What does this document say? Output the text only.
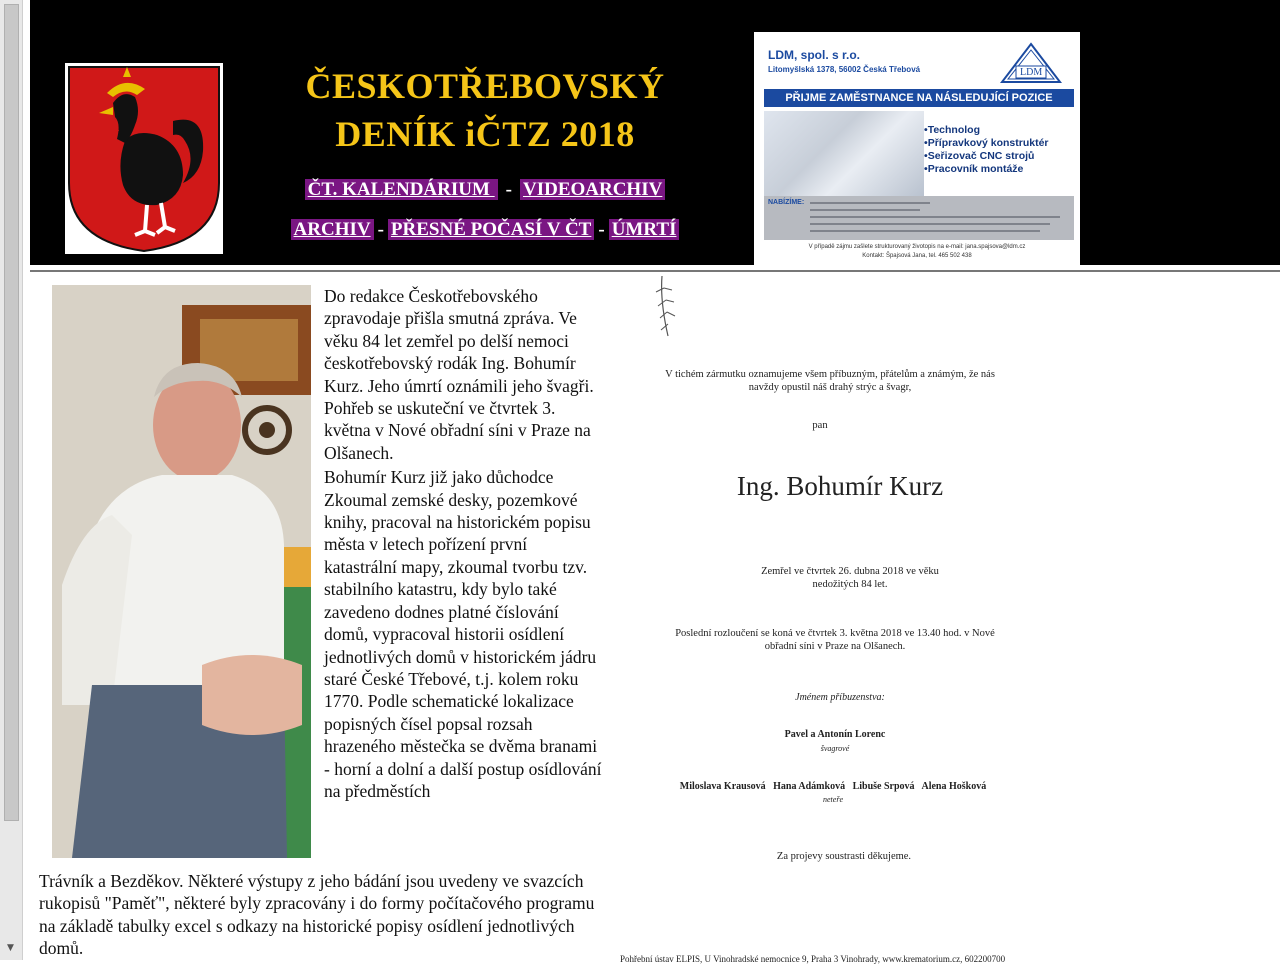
▼
ČESKOTŘEBOVSKÝ
DENÍK iČTZ 2018
ČT. KALENDÁRIUM - VIDEOARCHIV
ARCHIV - PŘESNÉ POČASÍ V ČT - ÚMRTÍ
LDM, spol. s r.o.
Litomyšlská 1378, 56002 Česká Třebová	LDM
PŘIJME ZAMĚSTNANCE NA NÁSLEDUJÍCÍ POZICE
• Technolog
• Přípravkový konstruktér
• Seřizovač CNC strojů
• Pracovník montáže
NABÍZÍME:
V případě zájmu zašlete strukturovaný životopis na e-mail: jana.spajsova@ldm.cz
Kontakt: Špajsová Jana, tel. 465 502 438

Do redakce Českotřebovského zpravodaje přišla smutná zpráva. Ve věku 84 let zemřel po delší nemoci českotřebovský rodák Ing. Bohumír Kurz. Jeho úmrtí oznámili jeho švagři. Pohřeb se uskuteční ve čtvrtek 3. května v Nové obřadní síni v Praze na Olšanech.

Bohumír Kurz již jako důchodce Zkoumal zemské desky, pozemkové knihy, pracoval na historickém popisu města v letech pořízení první katastrální mapy, zkoumal tvorbu tzv. stabilního katastru, kdy bylo také zavedeno dodnes platné číslování domů, vypracoval historii osídlení jednotlivých domů v historickém jádru staré České Třebové, t.j. kolem roku 1770. Podle schematické lokalizace popisných čísel popsal rozsah hrazeného městečka se dvěma branami - horní a dolní a další postup osídlování na předměstích

Trávník a Bezděkov. Některé výstupy z jeho bádání jsou uvedeny ve svazcích rukopisů "Paměť", některé byly zpracovány i do formy počítačového programu na základě tabulky excel s odkazy na historické popisy osídlení jednotlivých domů.
V tichém zármutku oznamujeme všem příbuzným, přátelům a známým, že nás navždy opustil náš drahý strýc a švagr,
pan
Ing. Bohumír Kurz
Zemřel ve čtvrtek 26. dubna 2018 ve věku nedožitých 84 let.
Poslední rozloučení se koná ve čtvrtek 3. května 2018 ve 13.40 hod. v Nové obřadní síni v Praze na Olšanech.
Jménem příbuzenstva:
Pavel a Antonín Lorenc
švagrové
Miloslava Krausová   Hana Adámková   Libuše Srpová   Alena Hošková
neteře
Za projevy soustrasti děkujeme.
Pohřební ústav ELPIS, U Vinohradské nemocnice 9, Praha 3 Vinohrady, www.krematorium.cz, 602200700
